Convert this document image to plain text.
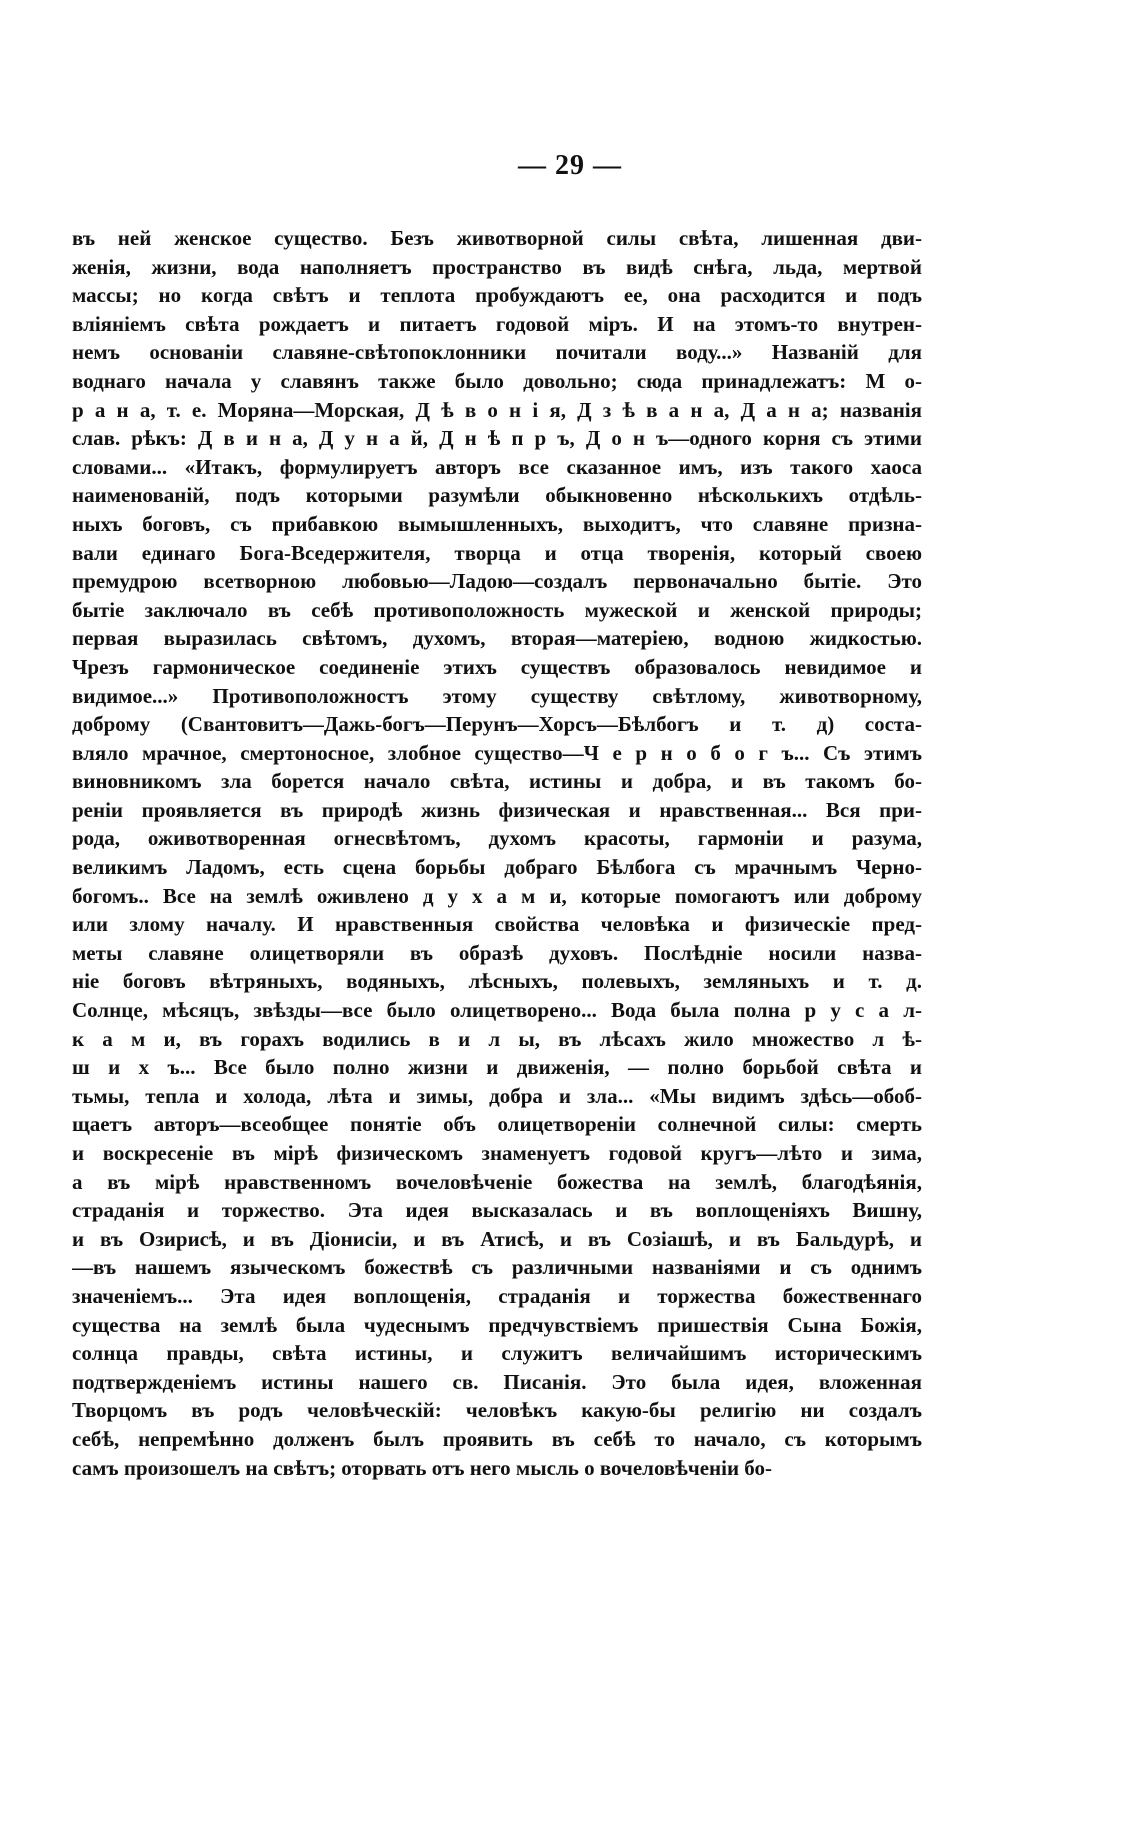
— 29 —
въ ней женское существо. Безъ животворной силы свѣта, лишенная дви-
женія, жизни, вода наполняетъ пространство въ видѣ снѣга, льда, мертвой
массы; но когда свѣтъ и теплота пробуждаютъ ее, она расходится и подъ
вліяніемъ свѣта рождаетъ и питаетъ годовой міръ. И на этомъ-то внутрен-
немъ основаніи славяне-свѣтопоклонники почитали воду...» Названій для
воднаго начала у славянъ также было довольно; сюда принадлежатъ: М о-
р а н а, т. е. Моряна—Морская, Д ѣ в о н і я, Д з ѣ в а н а, Д а н а; названія
слав. рѣкъ: Д в и н а, Д у н а й, Д н ѣ п р ъ, Д о н ъ—одного корня съ этими
словами... «Итакъ, формулируетъ авторъ все сказанное имъ, изъ такого хаоса
наименованій, подъ которыми разумѣли обыкновенно нѣсколькихъ отдѣль-
ныхъ боговъ, съ прибавкою вымышленныхъ, выходитъ, что славяне призна-
вали единаго Бога-Вседержителя, творца и отца творенія, который своею
премудрою всетворною любовью—Ладою—создалъ первоначально бытіе. Это
бытіе заключало въ себѣ противоположность мужеской и женской природы;
первая выразилась свѣтомъ, духомъ, вторая—матеріею, водною жидкостью.
Чрезъ гармоническое соединеніе этихъ существъ образовалось невидимое и
видимое...» Противоположностъ этому существу свѣтлому, животворному,
доброму (Свантовитъ—Дажь-богъ—Перунъ—Хорсъ—Бѣлбогъ и т. д) соста-
вляло мрачное, смертоносное, злобное существо—Ч е р н о б о г ъ... Съ этимъ
виновникомъ зла борется начало свѣта, истины и добра, и въ такомъ бо-
реніи проявляется въ природѣ жизнь физическая и нравственная... Вся при-
рода, оживотворенная огнесвѣтомъ, духомъ красоты, гармоніи и разума,
великимъ Ладомъ, есть сцена борьбы добраго Бѣлбога съ мрачнымъ Черно-
богомъ.. Все на землѣ оживлено д у х а м и, которые помогаютъ или доброму
или злому началу. И нравственныя свойства человѣка и физическіе пред-
меты славяне олицетворяли въ образѣ духовъ. Послѣдніе носили назва-
ніе боговъ вѣтряныхъ, водяныхъ, лѣсныхъ, полевыхъ, земляныхъ и т. д.
Солнце, мѣсяцъ, звѣзды—все было олицетворено... Вода была полна р у с а л-
к а м и, въ горахъ водились в и л ы, въ лѣсахъ жило множество л ѣ-
ш и х ъ... Все было полно жизни и движенія, — полно борьбой свѣта и
тьмы, тепла и холода, лѣта и зимы, добра и зла... «Мы видимъ здѣсь—обоб-
щаетъ авторъ—всеобщее понятіе объ олицетвореніи солнечной силы: смерть
и воскресеніе въ мірѣ физическомъ знаменуетъ годовой кругъ—лѣто и зима,
а въ мірѣ нравственномъ вочеловѣченіе божества на землѣ, благодѣянія,
страданія и торжество. Эта идея высказалась и въ воплощеніяхъ Вишну,
и въ Озирисѣ, и въ Діонисіи, и въ Атисѣ, и въ Созіашѣ, и въ Бальдурѣ, и
—въ нашемъ языческомъ божествѣ съ различными названіями и съ однимъ
значеніемъ... Эта идея воплощенія, страданія и торжества божественнаго
существа на землѣ была чудеснымъ предчувствіемъ пришествія Сына Божія,
солнца правды, свѣта истины, и служитъ величайшимъ историческимъ
подтвержденіемъ истины нашего св. Писанія. Это была идея, вложенная
Творцомъ въ родъ человѣческій: человѣкъ какую-бы религію ни создалъ
себѣ, непремѣнно долженъ былъ проявить въ себѣ то начало, съ которымъ
самъ произошелъ на свѣтъ; оторвать отъ него мысль о вочеловѣченіи бо-
